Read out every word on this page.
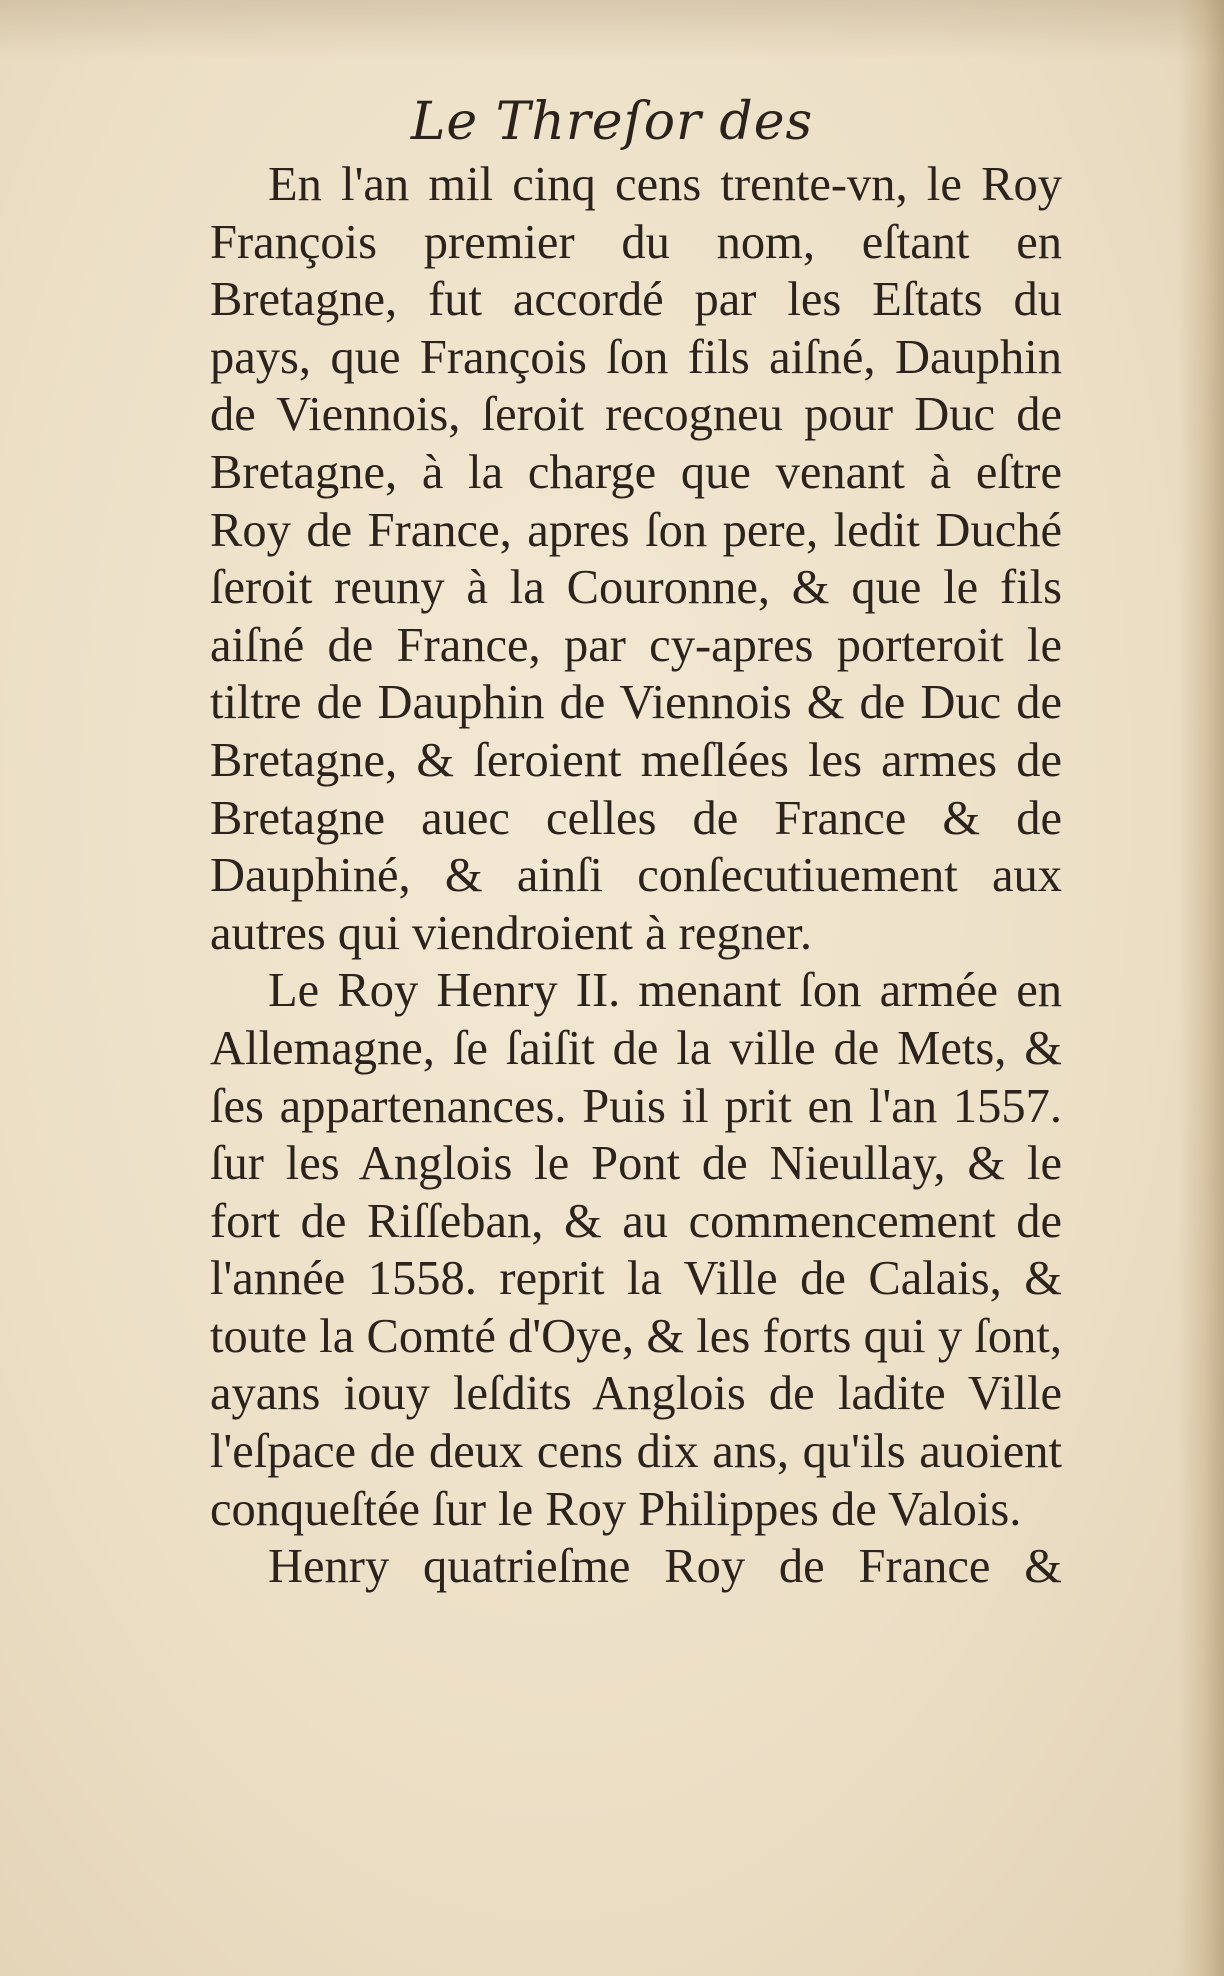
Le Threſor des

En l'an mil cinq cens trente-vn, le Roy François premier du nom, eſtant en Bretagne, fut accordé par les Eſtats du pays, que François ſon fils aiſné, Dauphin de Viennois, ſeroit recogneu pour Duc de Bretagne, à la charge que venant à eſtre Roy de France, apres ſon pere, ledit Duché ſeroit reuny à la Couronne, & que le fils aiſné de France, par cy-apres porteroit le tiltre de Dauphin de Viennois & de Duc de Bretagne, & ſeroient meſlées les armes de Bretagne auec celles de France & de Dauphiné, & ainſi conſecutiuement aux autres qui viendroient à regner.

Le Roy Henry II. menant ſon armée en Allemagne, ſe ſaiſit de la ville de Mets, & ſes appartenances. Puis il prit en l'an 1557. ſur les Anglois le Pont de Nieullay, & le fort de Riſſeban, & au commencement de l'année 1558. reprit la Ville de Calais, & toute la Comté d'Oye, & les forts qui y ſont, ayans iouy leſdits Anglois de ladite Ville l'eſpace de deux cens dix ans, qu'ils auoient conqueſtée ſur le Roy Philippes de Valois.

Henry quatrieſme Roy de France &
